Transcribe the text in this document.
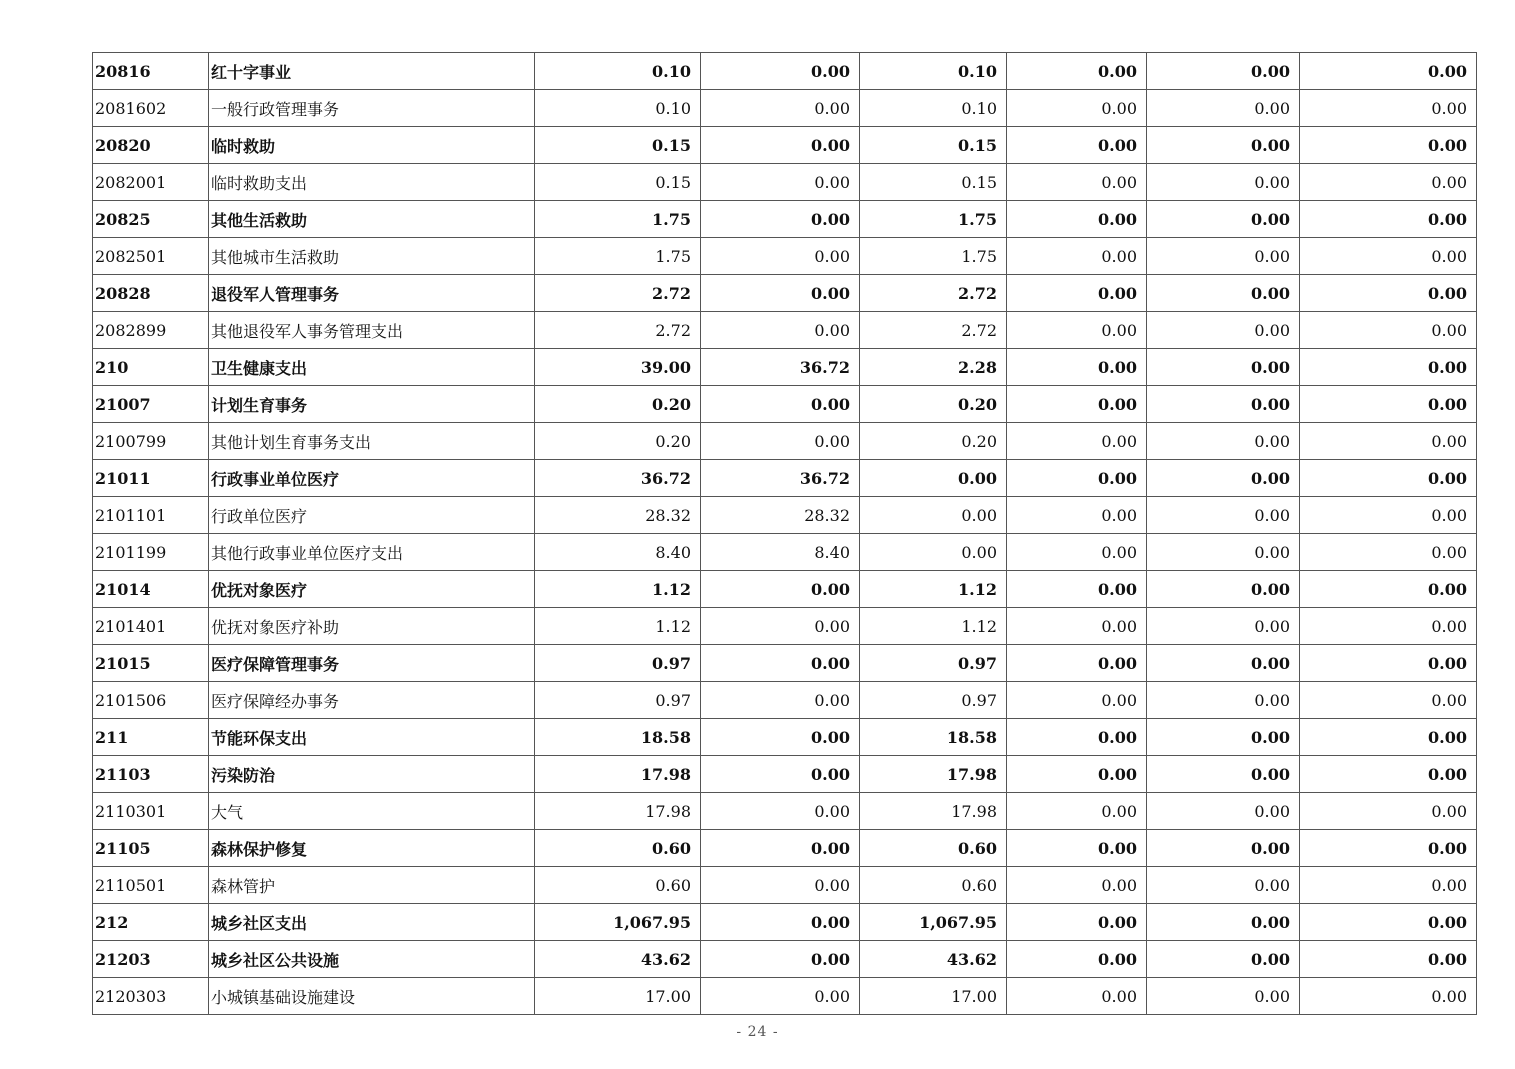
20816	红十字事业	0.10	0.00	0.10	0.00	0.00	0.00
2081602	一般行政管理事务	0.10	0.00	0.10	0.00	0.00	0.00
20820	临时救助	0.15	0.00	0.15	0.00	0.00	0.00
2082001	临时救助支出	0.15	0.00	0.15	0.00	0.00	0.00
20825	其他生活救助	1.75	0.00	1.75	0.00	0.00	0.00
2082501	其他城市生活救助	1.75	0.00	1.75	0.00	0.00	0.00
20828	退役军人管理事务	2.72	0.00	2.72	0.00	0.00	0.00
2082899	其他退役军人事务管理支出	2.72	0.00	2.72	0.00	0.00	0.00
210	卫生健康支出	39.00	36.72	2.28	0.00	0.00	0.00
21007	计划生育事务	0.20	0.00	0.20	0.00	0.00	0.00
2100799	其他计划生育事务支出	0.20	0.00	0.20	0.00	0.00	0.00
21011	行政事业单位医疗	36.72	36.72	0.00	0.00	0.00	0.00
2101101	行政单位医疗	28.32	28.32	0.00	0.00	0.00	0.00
2101199	其他行政事业单位医疗支出	8.40	8.40	0.00	0.00	0.00	0.00
21014	优抚对象医疗	1.12	0.00	1.12	0.00	0.00	0.00
2101401	优抚对象医疗补助	1.12	0.00	1.12	0.00	0.00	0.00
21015	医疗保障管理事务	0.97	0.00	0.97	0.00	0.00	0.00
2101506	医疗保障经办事务	0.97	0.00	0.97	0.00	0.00	0.00
211	节能环保支出	18.58	0.00	18.58	0.00	0.00	0.00
21103	污染防治	17.98	0.00	17.98	0.00	0.00	0.00
2110301	大气	17.98	0.00	17.98	0.00	0.00	0.00
21105	森林保护修复	0.60	0.00	0.60	0.00	0.00	0.00
2110501	森林管护	0.60	0.00	0.60	0.00	0.00	0.00
212	城乡社区支出	1,067.95	0.00	1,067.95	0.00	0.00	0.00
21203	城乡社区公共设施	43.62	0.00	43.62	0.00	0.00	0.00
2120303	小城镇基础设施建设	17.00	0.00	17.00	0.00	0.00	0.00
- 24 -
